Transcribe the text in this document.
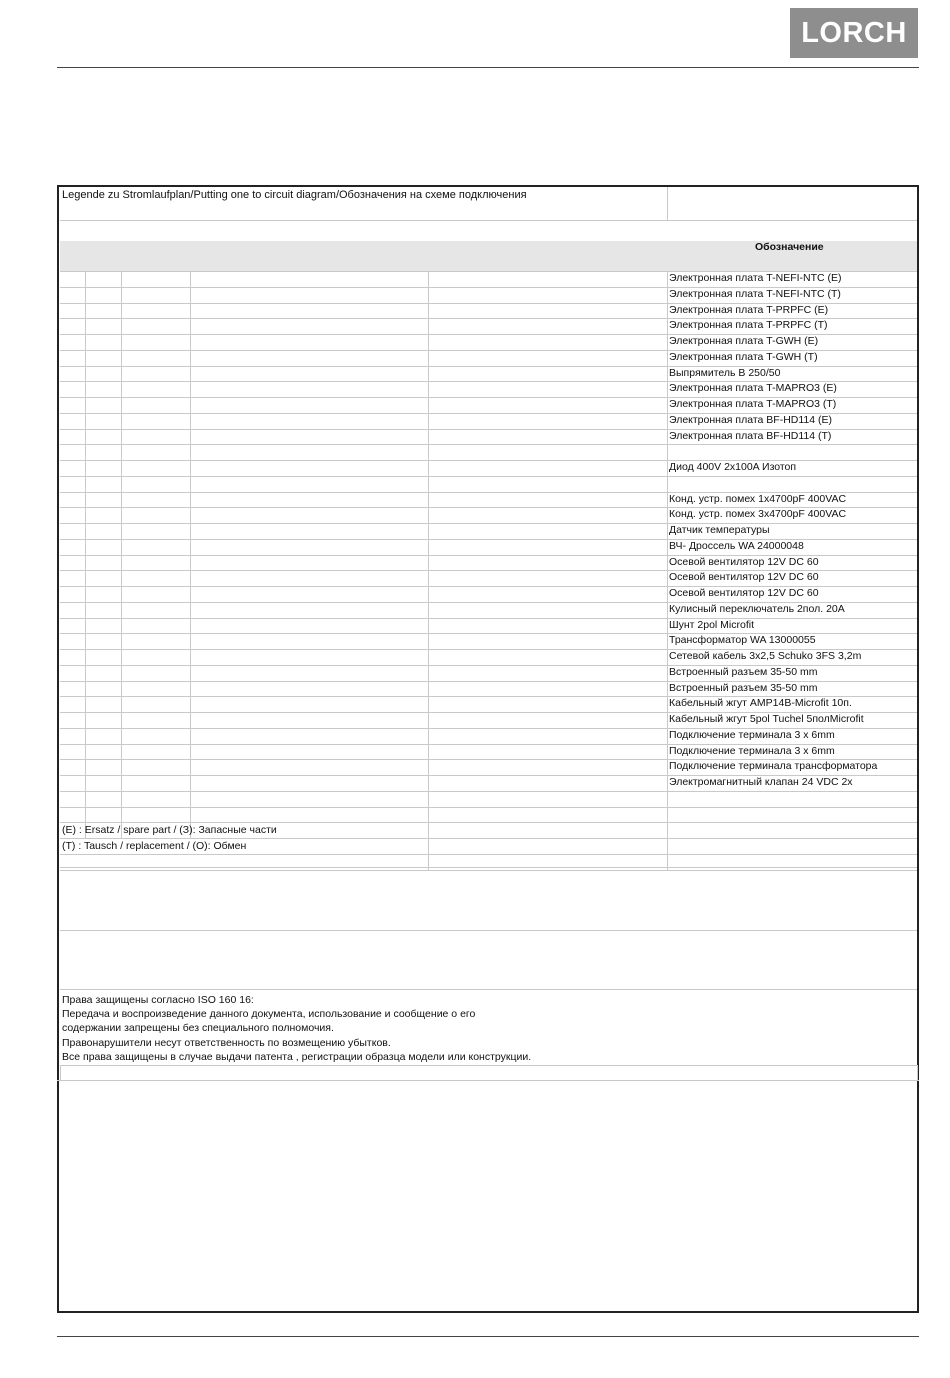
LORCH
Legende zu Stromlaufplan/Putting one to circuit diagram/Обозначения на схеме подключения
Обозначение
Электронная плата T-NEFI-NTC (E)
Электронная плата T-NEFI-NTC (T)
Электронная плата T-PRPFC (E)
Электронная плата T-PRPFC (T)
Электронная плата T-GWH (E)
Электронная плата T-GWH (T)
Выпрямитель B 250/50
Электронная плата T-MAPRO3 (E)
Электронная плата T-MAPRO3 (T)
Электронная плата BF-HD114 (E)
Электронная плата BF-HD114 (T)
Диод 400V 2x100A Изотоп
Конд. устр. помех 1x4700pF 400VAC
Конд. устр. помех 3x4700pF 400VAC
Датчик температуры
ВЧ- Дроссель WA 24000048
Осевой вентилятор 12V DC 60
Осевой вентилятор 12V DC 60
Осевой вентилятор 12V DC 60
Кулисный переключатель 2пол. 20A
Шунт 2pol Microfit
Трансформатор WA 13000055
Сетевой кабель 3x2,5 Schuko 3FS 3,2m
Встроенный разъем 35-50 mm
Встроенный разъем 35-50 mm
Кабельный жгут AMP14B-Microfit 10п.
Кабельный жгут 5pol Tuchel 5полMicrofit
Подключение терминала 3 x 6mm
Подключение терминала 3 x 6mm
Подключение терминала трансформатора
Электромагнитный клапан 24 VDC 2x
(E) : Ersatz / spare part / (З): Запасные части
(T) : Tausch / replacement / (О): Обмен
Права защищены согласно ISO 160 16:
Передача и воспроизведение данного документа, использование и сообщение о его
содержании запрещены без специального полномочия.
Правонарушители несут ответственность по возмещению убытков.
Все права защищены в случае выдачи патента , регистрации образца модели или конструкции.
